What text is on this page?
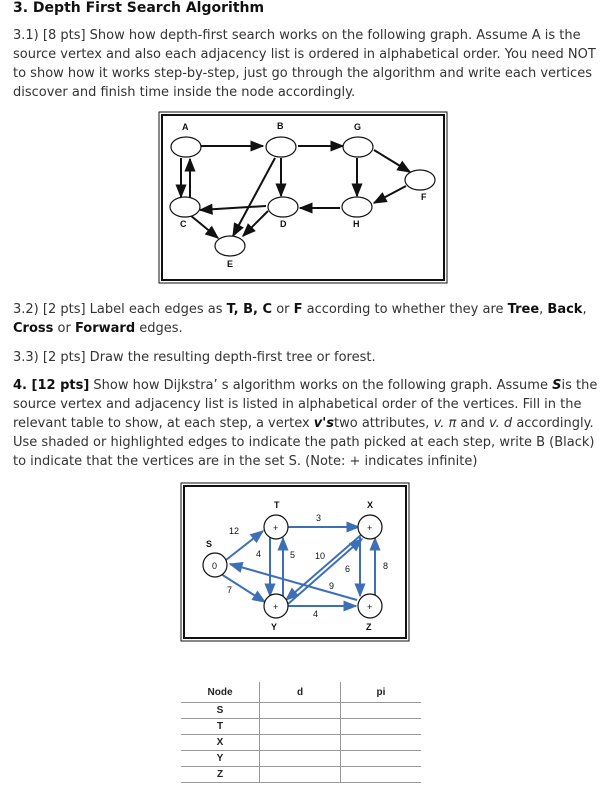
3. Depth First Search Algorithm
3.1) [8 pts] Show how depth-first search works on the following graph. Assume A is the source vertex and also each adjacency list is ordered in alphabetical order. You need NOT to show how it works step-by-step, just go through the algorithm and write each vertices discover and finish time inside the node accordingly.
A	B	G
C	D	H
E
F
+	+
0
+	+
T	X
S
Y	Z
12
7
3
4	5 10
9
6	8
4
3.2) [2 pts] Label each edges as T, B, C or F according to whether they are Tree, Back, Cross or Forward edges.
3.3) [2 pts] Draw the resulting depth-first tree or forest.
4. [12 pts] Show how Dijkstra’ s algorithm works on the following graph. Assume Sis the source vertex and adjacency list is listed in alphabetical order of the vertices. Fill in the relevant table to show, at each step, a vertex v'stwo attributes, v. π and v. d accordingly. Use shaded or highlighted edges to indicate the path picked at each step, write B (Black) to indicate that the vertices are in the set S. (Note: + indicates infinite)
Node	d	pi
S		
T		
X		
Y		
Z		
